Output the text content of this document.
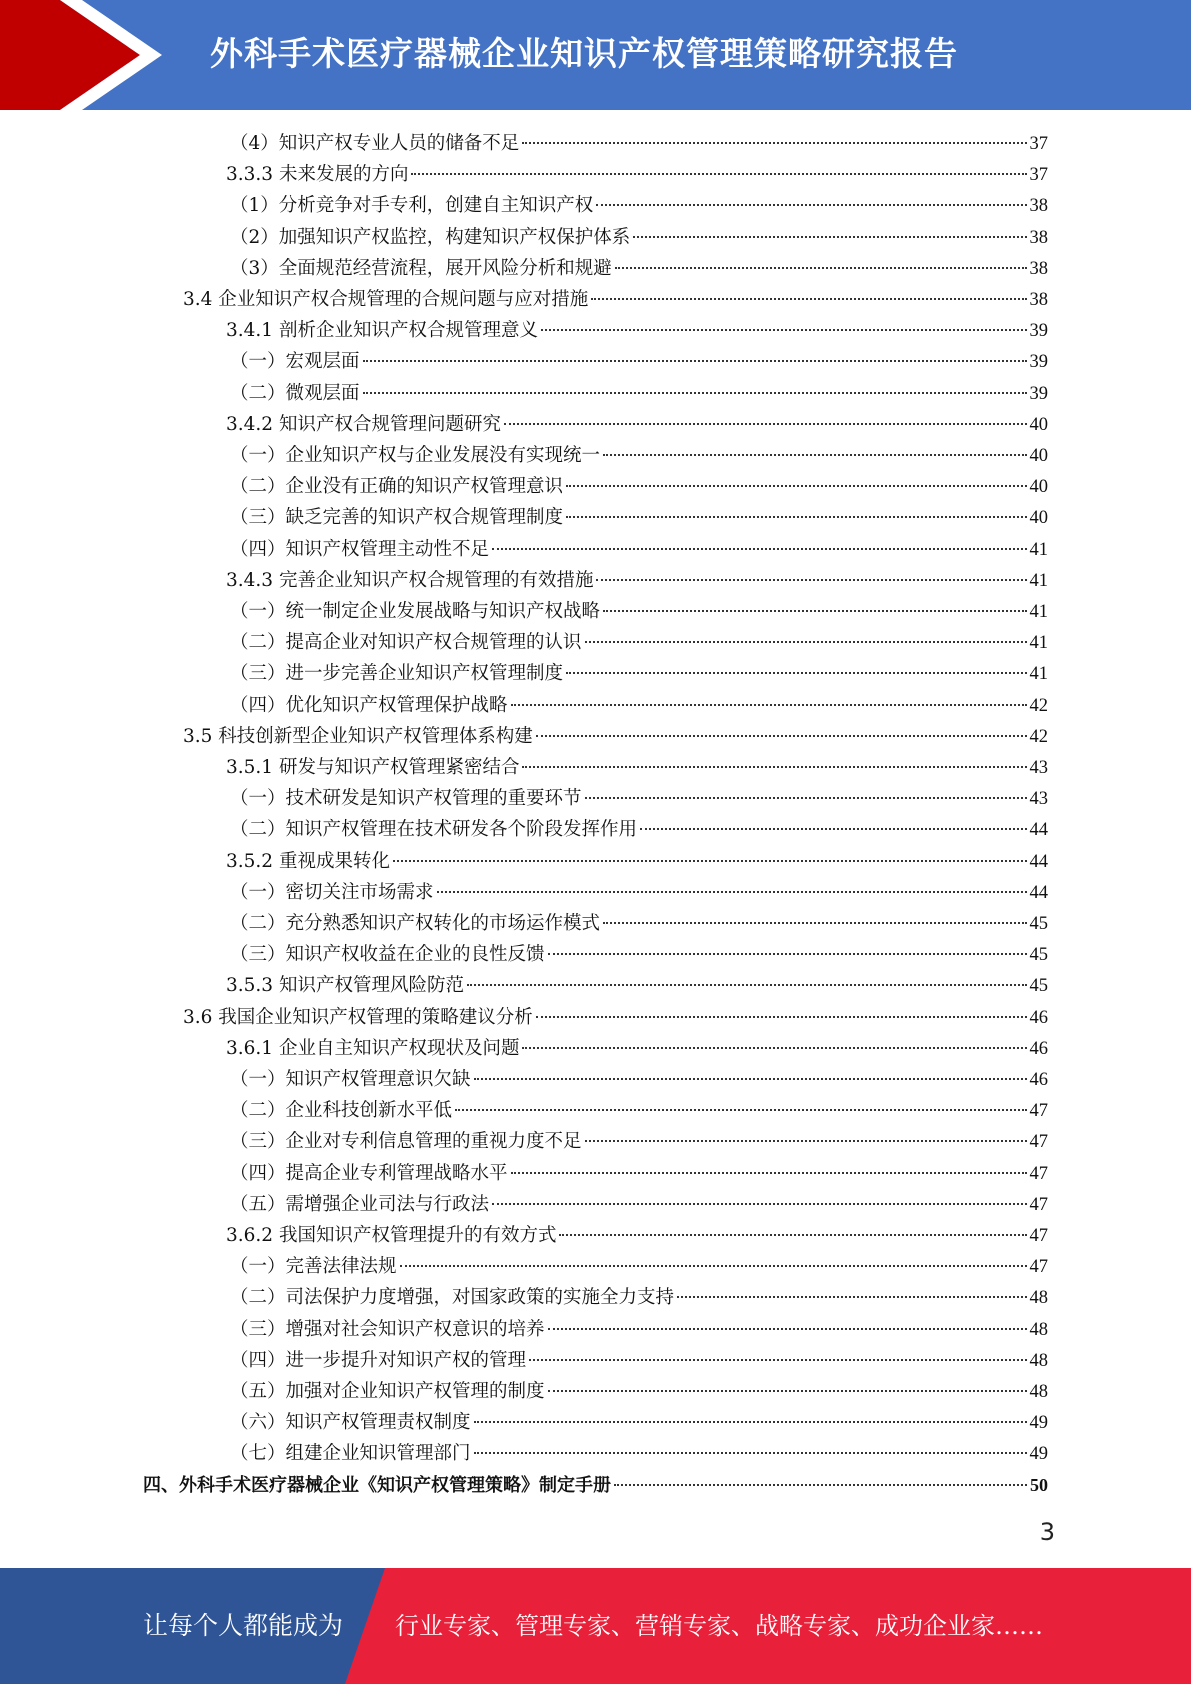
外科手术医疗器械企业知识产权管理策略研究报告
（4）知识产权专业人员的储备不足	37
3.3.3 未来发展的方向	37
（1）分析竞争对手专利，创建自主知识产权	38
（2）加强知识产权监控，构建知识产权保护体系	38
（3）全面规范经营流程，展开风险分析和规避	38
3.4 企业知识产权合规管理的合规问题与应对措施	38
3.4.1 剖析企业知识产权合规管理意义	39
（一）宏观层面	39
（二）微观层面	39
3.4.2 知识产权合规管理问题研究	40
（一）企业知识产权与企业发展没有实现统一	40
（二）企业没有正确的知识产权管理意识	40
（三）缺乏完善的知识产权合规管理制度	40
（四）知识产权管理主动性不足	41
3.4.3 完善企业知识产权合规管理的有效措施	41
（一）统一制定企业发展战略与知识产权战略	41
（二）提高企业对知识产权合规管理的认识	41
（三）进一步完善企业知识产权管理制度	41
（四）优化知识产权管理保护战略	42
3.5 科技创新型企业知识产权管理体系构建	42
3.5.1 研发与知识产权管理紧密结合	43
（一）技术研发是知识产权管理的重要环节	43
（二）知识产权管理在技术研发各个阶段发挥作用	44
3.5.2 重视成果转化	44
（一）密切关注市场需求	44
（二）充分熟悉知识产权转化的市场运作模式	45
（三）知识产权收益在企业的良性反馈	45
3.5.3 知识产权管理风险防范	45
3.6 我国企业知识产权管理的策略建议分析	46
3.6.1 企业自主知识产权现状及问题	46
（一）知识产权管理意识欠缺	46
（二）企业科技创新水平低	47
（三）企业对专利信息管理的重视力度不足	47
（四）提高企业专利管理战略水平	47
（五）需增强企业司法与行政法	47
3.6.2 我国知识产权管理提升的有效方式	47
（一）完善法律法规	47
（二）司法保护力度增强，对国家政策的实施全力支持	48
（三）增强对社会知识产权意识的培养	48
（四）进一步提升对知识产权的管理	48
（五）加强对企业知识产权管理的制度	48
（六）知识产权管理责权制度	49
（七）组建企业知识管理部门	49
四、外科手术医疗器械企业《知识产权管理策略》制定手册	50
3
让每个人都能成为 行业专家、管理专家、营销专家、战略专家、成功企业家……
